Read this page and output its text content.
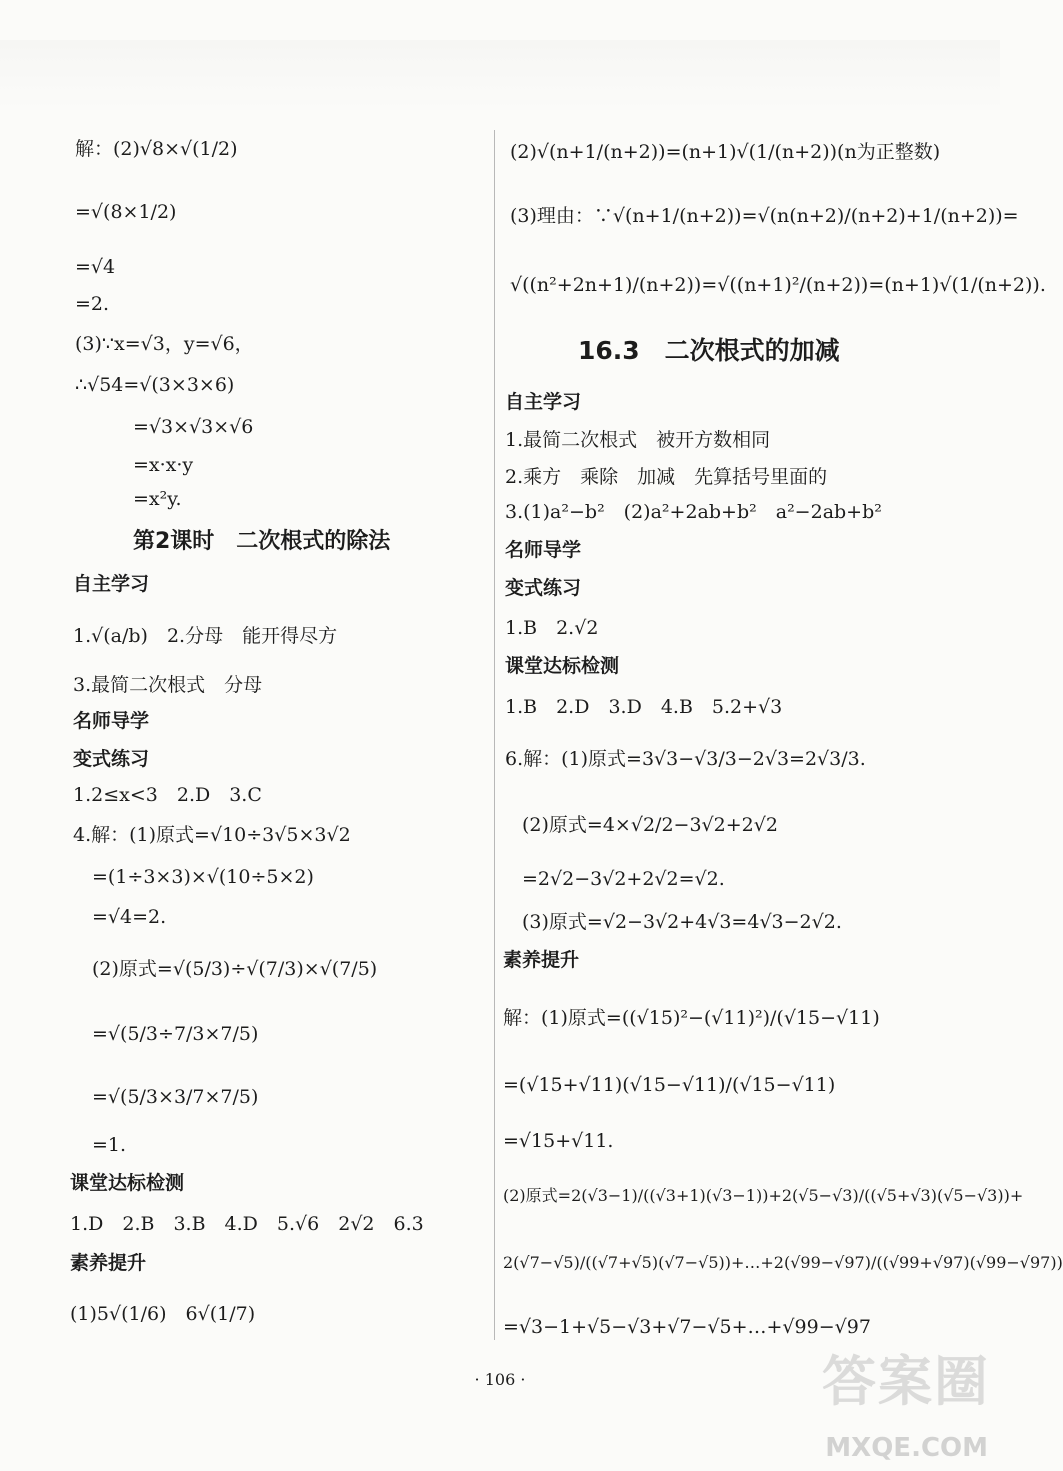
解：(2)√8×√(1/2)
=√(8×1/2)
=√4
=2.
(3)∵x=√3，y=√6，
∴√54=√(3×3×6)
=√3×√3×√6
=x·x·y
=x²y.
第2课时　二次根式的除法
自主学习
1.√(a/b)　2.分母　能开得尽方
3.最简二次根式　分母
名师导学
变式练习
1.2≤x<3　2.D　3.C
4.解：(1)原式=√10÷3√5×3√2
=(1÷3×3)×√(10÷5×2)
=√4=2.
(2)原式=√(5/3)÷√(7/3)×√(7/5)
=√(5/3÷7/3×7/5)
=√(5/3×3/7×7/5)
=1.
课堂达标检测
1.D　2.B　3.B　4.D　5.√6　2√2　6.3
素养提升
(1)5√(1/6)　6√(1/7)
(2)√(n+1/(n+2))=(n+1)√(1/(n+2))(n为正整数)
(3)理由：∵√(n+1/(n+2))=√(n(n+2)/(n+2)+1/(n+2))=
√((n²+2n+1)/(n+2))=√((n+1)²/(n+2))=(n+1)√(1/(n+2)).
16.3　二次根式的加减
自主学习
1.最简二次根式　被开方数相同
2.乘方　乘除　加减　先算括号里面的
3.(1)a²−b²　(2)a²+2ab+b²　a²−2ab+b²
名师导学
变式练习
1.B　2.√2
课堂达标检测
1.B　2.D　3.D　4.B　5.2+√3
6.解：(1)原式=3√3−√3/3−2√3=2√3/3.
(2)原式=4×√2/2−3√2+2√2
=2√2−3√2+2√2=√2.
(3)原式=√2−3√2+4√3=4√3−2√2.
素养提升
解：(1)原式=((√15)²−(√11)²)/(√15−√11)
=(√15+√11)(√15−√11)/(√15−√11)
=√15+√11.
(2)原式=2(√3−1)/((√3+1)(√3−1))+2(√5−√3)/((√5+√3)(√5−√3))+
2(√7−√5)/((√7+√5)(√7−√5))+…+2(√99−√97)/((√99+√97)(√99−√97))
=√3−1+√5−√3+√7−√5+…+√99−√97
· 106 ·	答案圈
MXQE.COM
